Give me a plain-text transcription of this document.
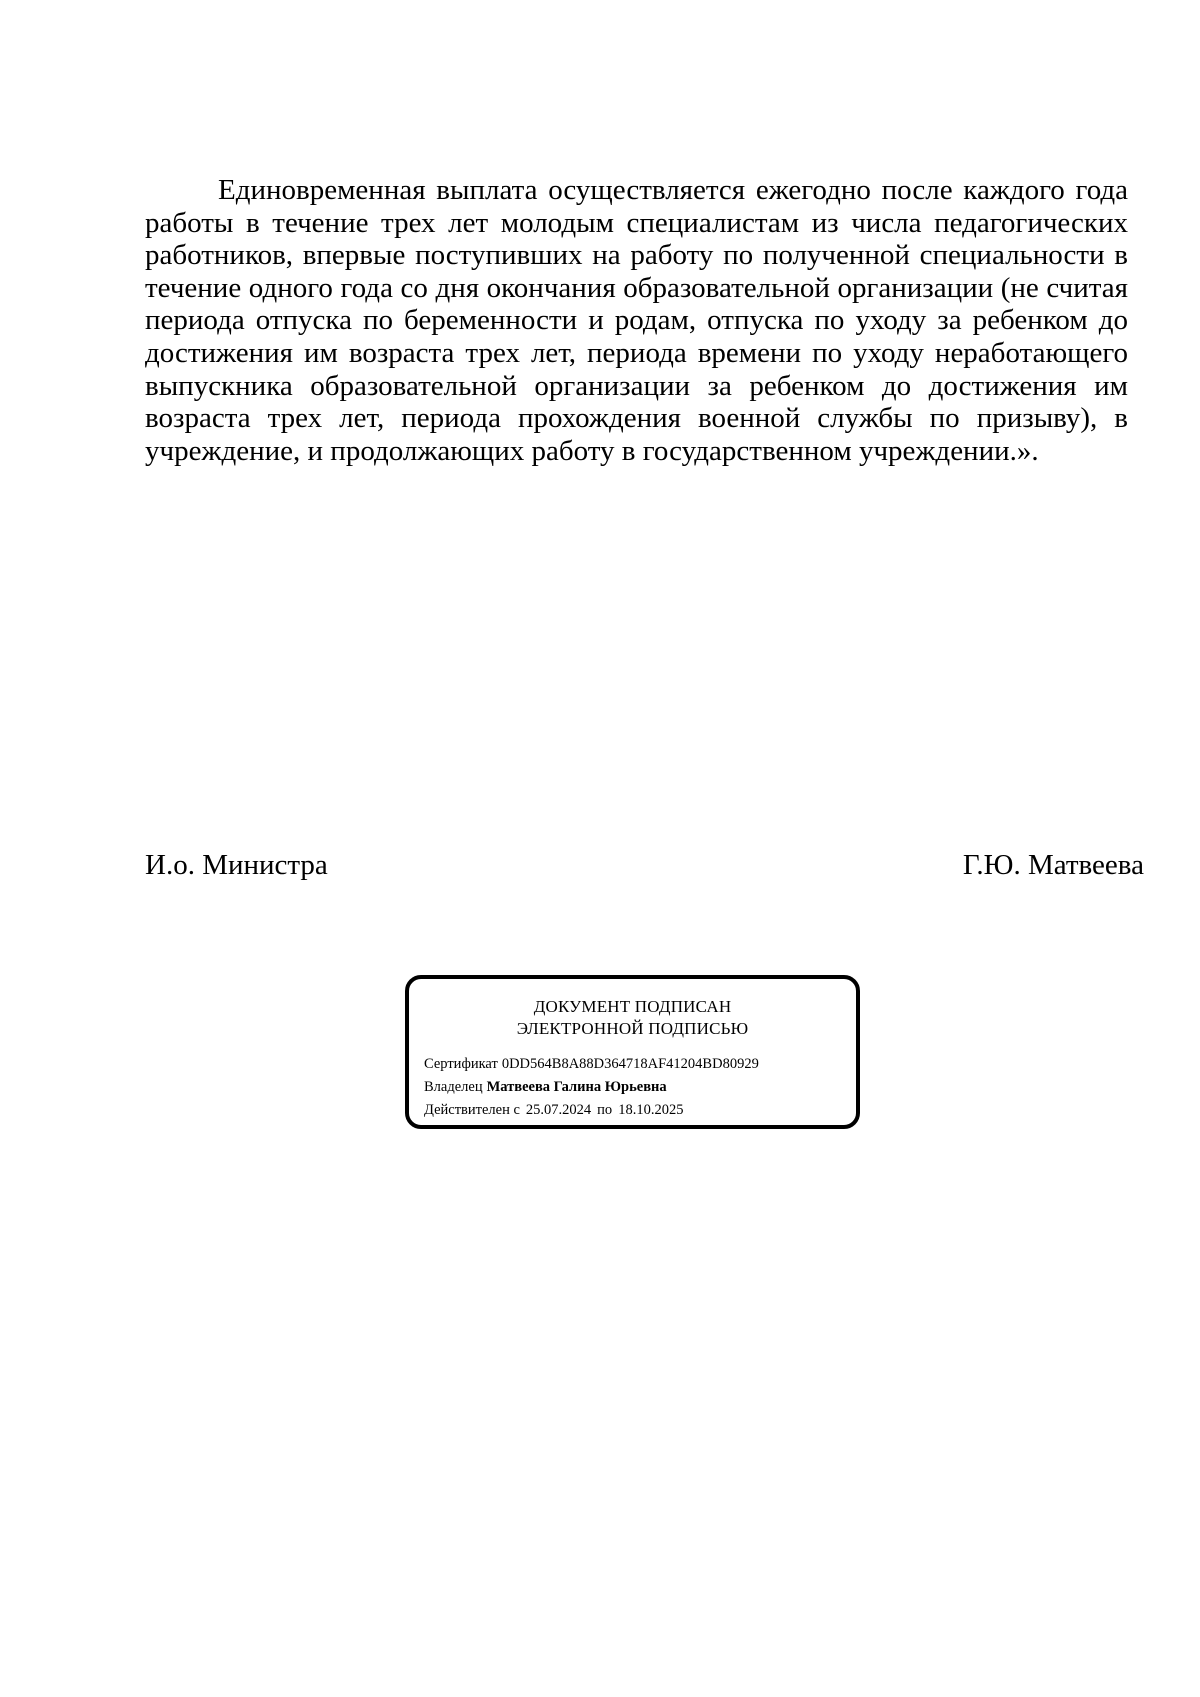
Единовременная выплата осуществляется ежегодно после каждого года работы в течение трех лет молодым специалистам из числа педагогических работников, впервые поступивших на работу по полученной специальности в течение одного года со дня окончания образовательной организации (не считая периода отпуска по беременности и родам, отпуска по уходу за ребенком до достижения им возраста трех лет, периода времени по уходу неработающего выпускника образовательной организации за ребенком до достижения им возраста трех лет, периода прохождения военной службы по призыву), в учреждение, и продолжающих работу в государственном учреждении.».

И.о. Министра	Г.Ю. Матвеева
ДОКУМЕНТ ПОДПИСАН
ЭЛЕКТРОННОЙ ПОДПИСЬЮ
Сертификат 0DD564B8A88D364718AF41204BD80929
Владелец Матвеева Галина Юрьевна
Действителен с 25.07.2024 по 18.10.2025
